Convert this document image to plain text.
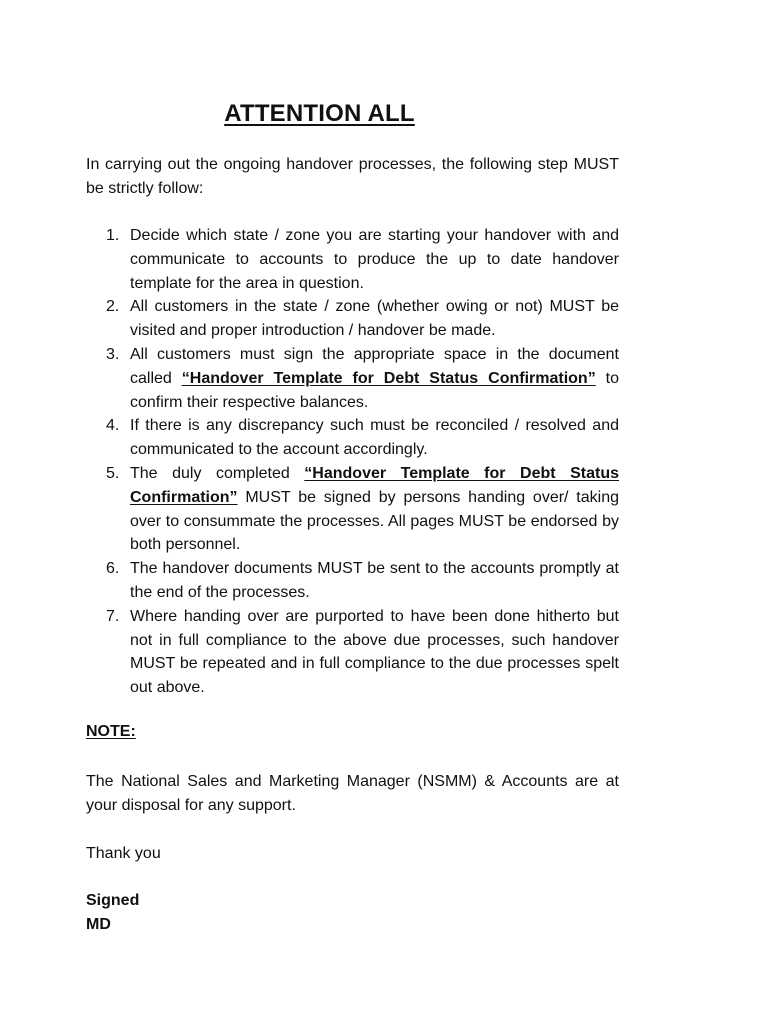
ATTENTION ALL

In carrying out the ongoing handover processes, the following step MUST be strictly follow:

1. Decide which state / zone you are starting your handover with and communicate to accounts to produce the up to date handover template for the area in question.
2. All customers in the state / zone (whether owing or not) MUST be visited and proper introduction / handover be made.
3. All customers must sign the appropriate space in the document called “Handover Template for Debt Status Confirmation” to confirm their respective balances.
4. If there is any discrepancy such must be reconciled / resolved and communicated to the account accordingly.
5. The duly completed “Handover Template for Debt Status Confirmation” MUST be signed by persons handing over/ taking over to consummate the processes. All pages MUST be endorsed by both personnel.
6. The handover documents MUST be sent to the accounts promptly at the end of the processes.
7. Where handing over are purported to have been done hitherto but not in full compliance to the above due processes, such handover MUST be repeated and in full compliance to the due processes spelt out above.

NOTE:

The National Sales and Marketing Manager (NSMM) & Accounts are at your disposal for any support.

Thank you

Signed
MD
